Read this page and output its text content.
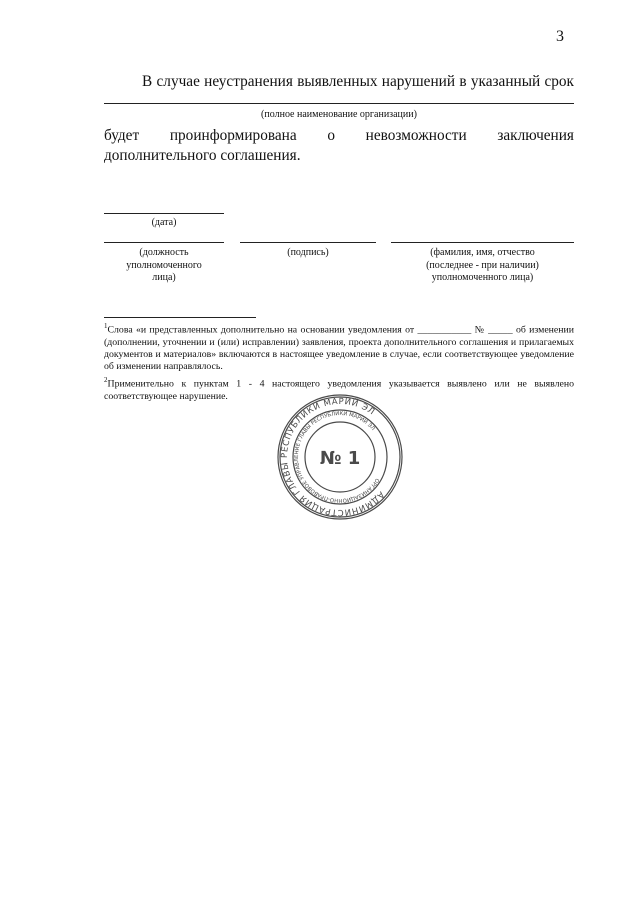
3
В случае неустранения выявленных нарушений в указанный срок
(полное наименование организации)
будет проинформирована о невозможности заключения
дополнительного соглашения.
(дата)
(должность
уполномоченного
лица)
(подпись)	(фамилия, имя, отчество
(последнее - при наличии)
уполномоченного лица)

$^1$Слова «и представленных дополнительно на основании уведомления от ___________ № _____ об изменении (дополнении, уточнении и (или) исправлении) заявления, проекта дополнительного соглашения и прилагаемых документов и материалов» включаются в настоящее уведомление в случае, если соответствующее уведомление об изменении направлялось.

$^2$Применительно к пунктам 1 - 4 настоящего уведомления указывается выявлено или не выявлено соответствующее нарушение.

АДМИНИСТРАЦИЯ ГЛАВЫ РЕСПУБЛИКИ МАРИЙ ЭЛ
ОРГАНИЗАЦИОННО-ПРАВОВОЕ УПРАВЛЕНИЕ ГЛАВЫ РЕСПУБЛИКИ МАРИЙ ЭЛ
№ 1
